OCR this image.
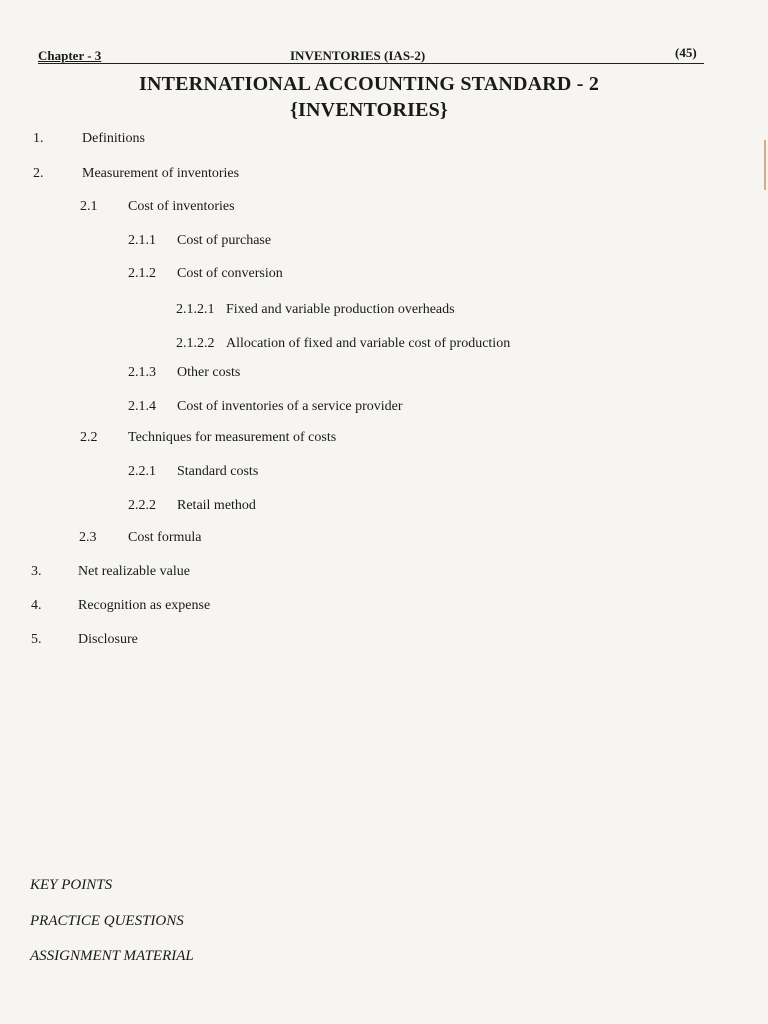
Chapter - 3	INVENTORIES (IAS-2)	(45)
INTERNATIONAL ACCOUNTING STANDARD - 2
{INVENTORIES}
1.	Definitions
2.	Measurement of inventories
2.1 Cost of inventories
2.1.1 Cost of purchase
2.1.2 Cost of conversion
2.1.2.1 Fixed and variable production overheads
2.1.2.2 Allocation of fixed and variable cost of production
2.1.3 Other costs
2.1.4 Cost of inventories of a service provider
2.2 Techniques for measurement of costs
2.2.1 Standard costs
2.2.2 Retail method
2.3 Cost formula
3.	Net realizable value
4.	Recognition as expense
5.	Disclosure
KEY POINTS
PRACTICE QUESTIONS
ASSIGNMENT MATERIAL
